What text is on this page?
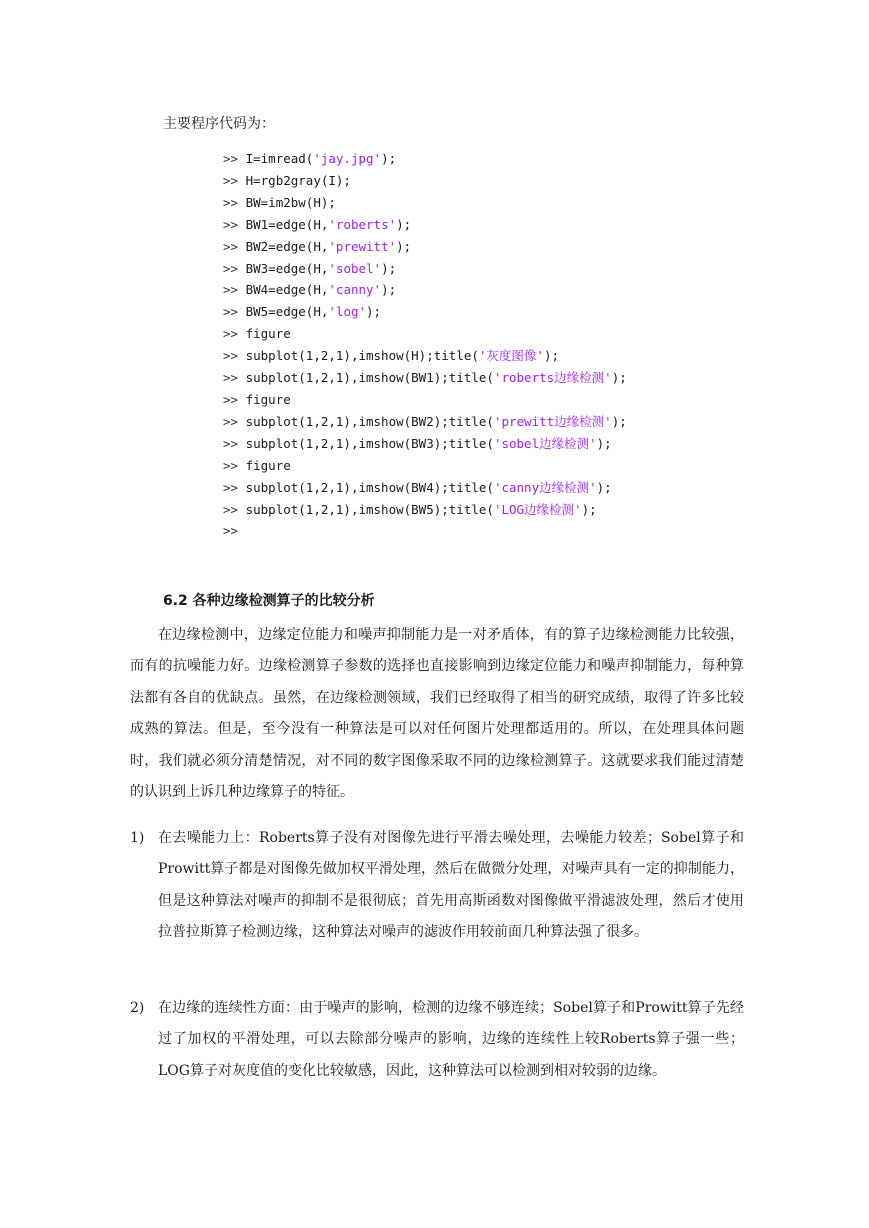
主要程序代码为：

>> I=imread('jay.jpg');
>> H=rgb2gray(I);
>> BW=im2bw(H);
>> BW1=edge(H,'roberts');
>> BW2=edge(H,'prewitt');
>> BW3=edge(H,'sobel');
>> BW4=edge(H,'canny');
>> BW5=edge(H,'log');
>> figure
>> subplot(1,2,1),imshow(H);title('灰度图像');
>> subplot(1,2,1),imshow(BW1);title('roberts边缘检测');
>> figure
>> subplot(1,2,1),imshow(BW2);title('prewitt边缘检测');
>> subplot(1,2,1),imshow(BW3);title('sobel边缘检测');
>> figure
>> subplot(1,2,1),imshow(BW4);title('canny边缘检测');
>> subplot(1,2,1),imshow(BW5);title('LOG边缘检测');
>>
6.2 各种边缘检测算子的比较分析

在边缘检测中，边缘定位能力和噪声抑制能力是一对矛盾体，有的算子边缘检测能力比较强，而有的抗噪能力好。边缘检测算子参数的选择也直接影响到边缘定位能力和噪声抑制能力，每种算法都有各自的优缺点。虽然，在边缘检测领域，我们已经取得了相当的研究成绩，取得了许多比较成熟的算法。但是，至今没有一种算法是可以对任何图片处理都适用的。所以，在处理具体问题时，我们就必须分清楚情况，对不同的数字图像采取不同的边缘检测算子。这就要求我们能过清楚的认识到上诉几种边缘算子的特征。

1) 在去噪能力上：Roberts算子没有对图像先进行平滑去噪处理，去噪能力较差；Sobel算子和Prowitt算子都是对图像先做加权平滑处理，然后在做微分处理，对噪声具有一定的抑制能力，但是这种算法对噪声的抑制不是很彻底；首先用高斯函数对图像做平滑滤波处理，然后才使用拉普拉斯算子检测边缘，这种算法对噪声的滤波作用较前面几种算法强了很多。
2) 在边缘的连续性方面：由于噪声的影响，检测的边缘不够连续；Sobel算子和Prowitt算子先经过了加权的平滑处理，可以去除部分噪声的影响，边缘的连续性上较Roberts算子强一些；LOG算子对灰度值的变化比较敏感，因此，这种算法可以检测到相对较弱的边缘。
